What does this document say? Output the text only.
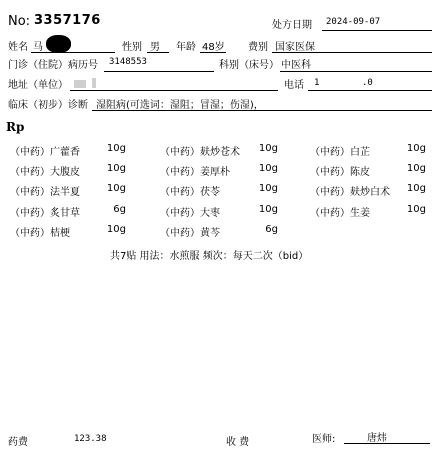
No: 3357176	处方日期 2024-09-07
姓名 马	性别 男 年龄 48岁 费别 国家医保
门诊（住院）病历号 3148553	科别（床号） 中医科
地址（单位）	电话 1	.0
临床（初步）诊断 湿阻病(可选词：湿阻；冒湿；伤湿)，
Rp
（中药） 广藿香	10g	（中药） 麸炒苍术	10g	（中药） 白芷	10g
（中药） 大腹皮	10g	（中药） 姜厚朴	10g	（中药） 陈皮	10g
（中药） 法半夏	10g	（中药） 茯苓	10g	（中药） 麸炒白术	10g
（中药） 炙甘草	6g	（中药） 大枣	10g	（中药） 生姜	10g
（中药） 桔梗	10g	（中药） 黄芩	6g
共7贴 用法：水煎服 频次：每天二次（bid）
药费	123.38	收 费	医师:	唐炜
